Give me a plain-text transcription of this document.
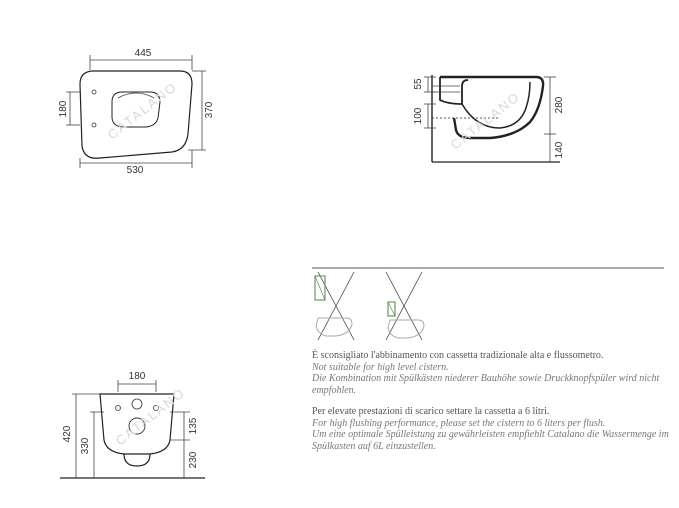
445
180	370
530
CATALANO	55
100
280
140
CATALANO
180
420
330
135
230
CATALANO

È sconsigliato l'abbinamento con cassetta tradizionale alta e flussometro.

Not suitable for high level cistern.

Die Kombination mit Spülkästen niederer Bauhöhe sowie Druckknopfspüler wird nicht empfohlen.

Per elevate prestazioni di scarico settare la cassetta a 6 litri.

For high flushing performance, please set the cistern to 6 liters per flush.

Um eine optimale Spülleistung zu gewährleisten empfiehlt Catalano die Wassermenge im Spülkasten auf 6L einzustellen.
